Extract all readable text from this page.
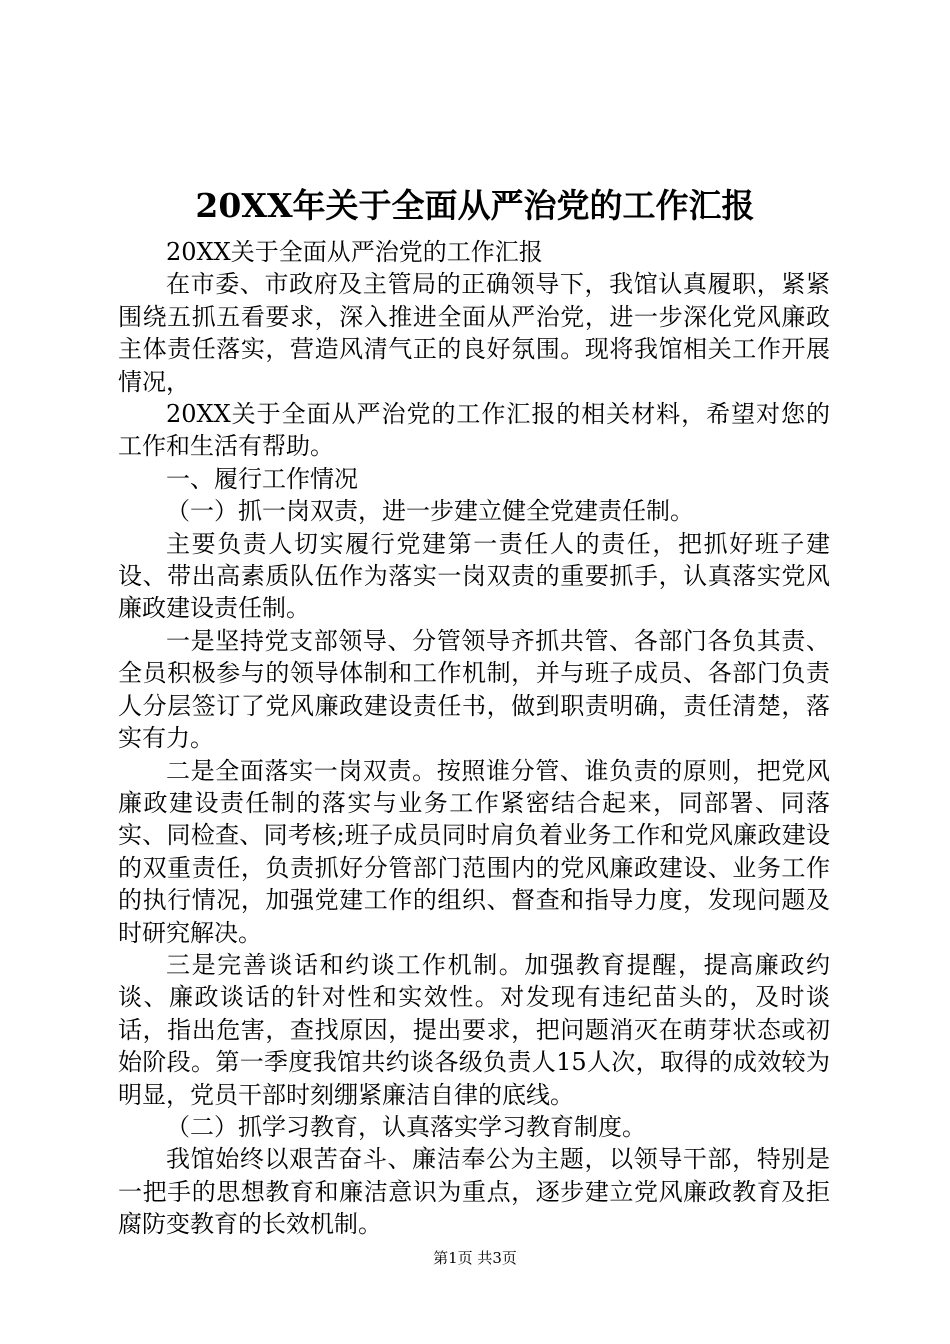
20XX年关于全面从严治党的工作汇报

20XX关于全面从严治党的工作汇报

在市委、市政府及主管局的正确领导下，我馆认真履职，紧紧围绕五抓五看要求，深入推进全面从严治党，进一步深化党风廉政主体责任落实，营造风清气正的良好氛围。现将我馆相关工作开展情况，

20XX关于全面从严治党的工作汇报的相关材料，希望对您的工作和生活有帮助。

一、履行工作情况

（一）抓一岗双责，进一步建立健全党建责任制。

主要负责人切实履行党建第一责任人的责任，把抓好班子建设、带出高素质队伍作为落实一岗双责的重要抓手，认真落实党风廉政建设责任制。

一是坚持党支部领导、分管领导齐抓共管、各部门各负其责、全员积极参与的领导体制和工作机制，并与班子成员、各部门负责人分层签订了党风廉政建设责任书，做到职责明确，责任清楚，落实有力。

二是全面落实一岗双责。按照谁分管、谁负责的原则，把党风廉政建设责任制的落实与业务工作紧密结合起来，同部署、同落实、同检查、同考核;班子成员同时肩负着业务工作和党风廉政建设的双重责任，负责抓好分管部门范围内的党风廉政建设、业务工作的执行情况，加强党建工作的组织、督查和指导力度，发现问题及时研究解决。

三是完善谈话和约谈工作机制。加强教育提醒，提高廉政约谈、廉政谈话的针对性和实效性。对发现有违纪苗头的，及时谈话，指出危害，查找原因，提出要求，把问题消灭在萌芽状态或初始阶段。第一季度我馆共约谈各级负责人15人次，取得的成效较为明显，党员干部时刻绷紧廉洁自律的底线。

（二）抓学习教育，认真落实学习教育制度。

我馆始终以艰苦奋斗、廉洁奉公为主题，以领导干部，特别是一把手的思想教育和廉洁意识为重点，逐步建立党风廉政教育及拒腐防变教育的长效机制。

第1页 共3页
